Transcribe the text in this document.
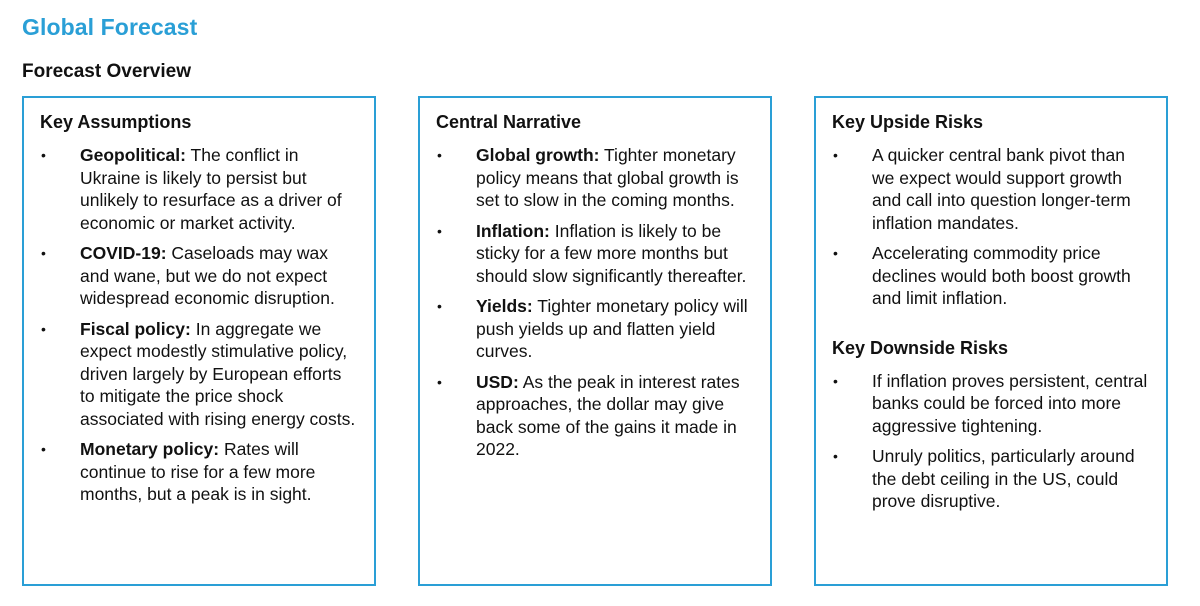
Global Forecast
Forecast Overview
Key Assumptions
•	Geopolitical: The conflict in Ukraine is likely to persist but unlikely to resurface as a driver of economic or market activity.
•	COVID-19: Caseloads may wax and wane, but we do not expect widespread economic disruption.
•	Fiscal policy: In aggregate we expect modestly stimulative policy, driven largely by European efforts to mitigate the price shock associated with rising energy costs.
•	Monetary policy: Rates will continue to rise for a few more months, but a peak is in sight.
Central Narrative
•	Global growth: Tighter monetary policy means that global growth is set to slow in the coming months.
•	Inflation: Inflation is likely to be sticky for a few more months but should slow significantly thereafter.
•	Yields: Tighter monetary policy will push yields up and flatten yield curves.
•	USD: As the peak in interest rates approaches, the dollar may give back some of the gains it made in 2022.
Key Upside Risks
•	A quicker central bank pivot than we expect would support growth and call into question longer-term inflation mandates.
•	Accelerating commodity price declines would both boost growth and limit inflation.
Key Downside Risks
•	If inflation proves persistent, central banks could be forced into more aggressive tightening.
•	Unruly politics, particularly around the debt ceiling in the US, could prove disruptive.
